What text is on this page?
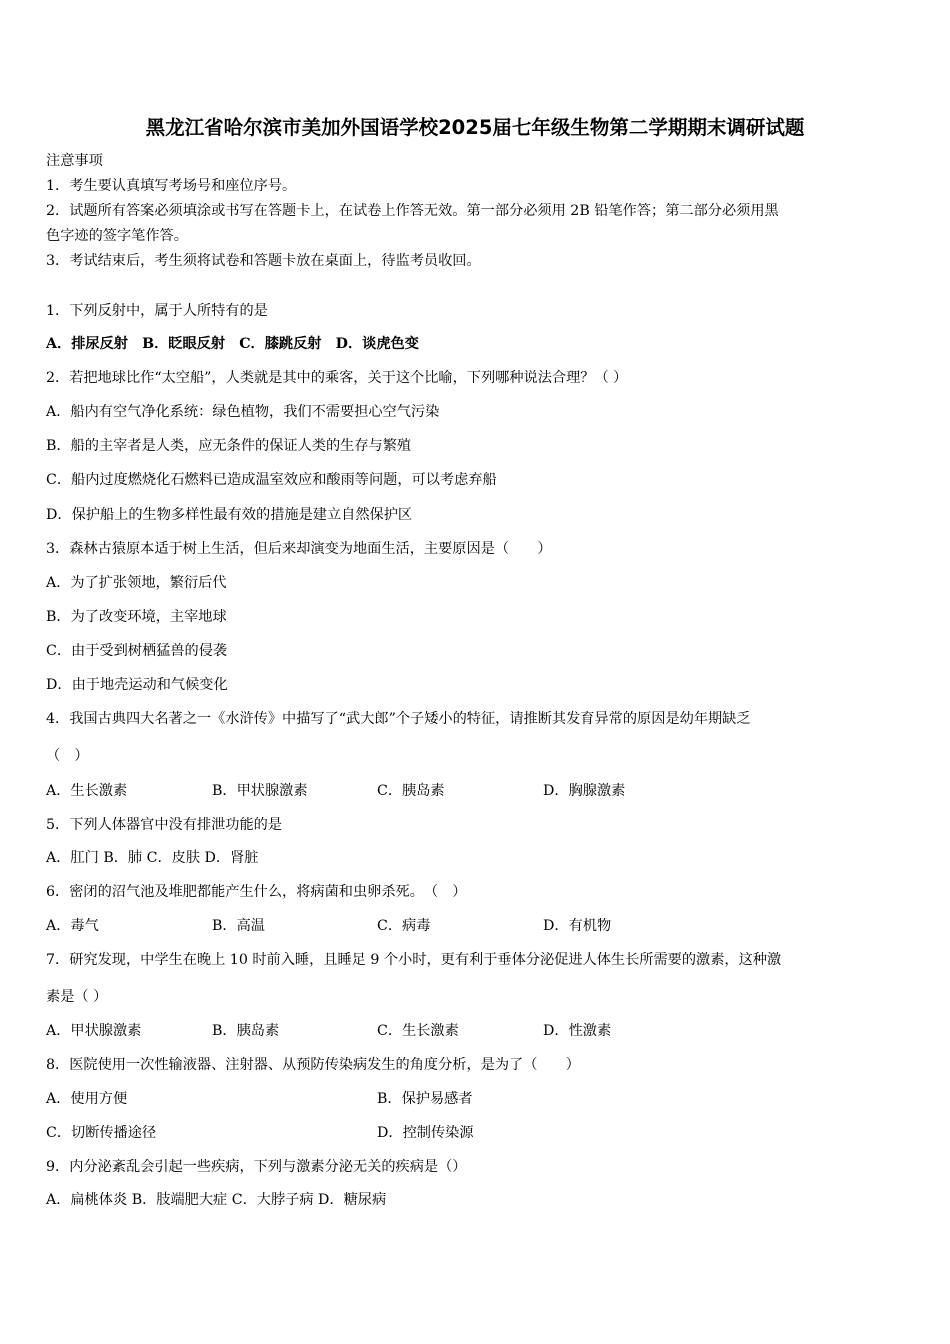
黑龙江省哈尔滨市美加外国语学校2025届七年级生物第二学期期末调研试题
注意事项
1．考生要认真填写考场号和座位序号。
2．试题所有答案必须填涂或书写在答题卡上，在试卷上作答无效。第一部分必须用 2B 铅笔作答；第二部分必须用黑
色字迹的签字笔作答。
3．考试结束后，考生须将试卷和答题卡放在桌面上，待监考员收回。
1．下列反射中，属于人所特有的是
A．排尿反射　B．眨眼反射　C．膝跳反射　D．谈虎色变
2．若把地球比作“太空船”，人类就是其中的乘客，关于这个比喻，下列哪种说法合理？（ ）
A．船内有空气净化系统：绿色植物，我们不需要担心空气污染
B．船的主宰者是人类，应无条件的保证人类的生存与繁殖
C．船内过度燃烧化石燃料已造成温室效应和酸雨等问题，可以考虑弃船
D．保护船上的生物多样性最有效的措施是建立自然保护区
3．森林古猿原本适于树上生活，但后来却演变为地面生活，主要原因是（　　）
A．为了扩张领地，繁衍后代
B．为了改变环境，主宰地球
C．由于受到树栖猛兽的侵袭
D．由于地壳运动和气候变化
4．我国古典四大名著之一《水浒传》中描写了“武大郎”个子矮小的特征，请推断其发育异常的原因是幼年期缺乏
（　）
A．生长激素	B．甲状腺激素	C．胰岛素	D．胸腺激素
5．下列人体器官中没有排泄功能的是
A．肛门 B．肺 C．皮肤 D．肾脏
6．密闭的沼气池及堆肥都能产生什么，将病菌和虫卵杀死。　（　）
A．毒气	B．高温	C．病毒	D．有机物
7．研究发现，中学生在晚上 10 时前入睡，且睡足 9 个小时，更有利于垂体分泌促进人体生长所需要的激素，这种激
素是（ ）
A．甲状腺激素	B．胰岛素	C．生长激素	D．性激素
8．医院使用一次性输液器、注射器、从预防传染病发生的角度分析，是为了（　　）
A．使用方便	B．保护易感者
C．切断传播途径	D．控制传染源
9．内分泌紊乱会引起一些疾病，下列与激素分泌无关的疾病是（）
A．扁桃体炎 B．肢端肥大症 C．大脖子病 D．糖尿病
